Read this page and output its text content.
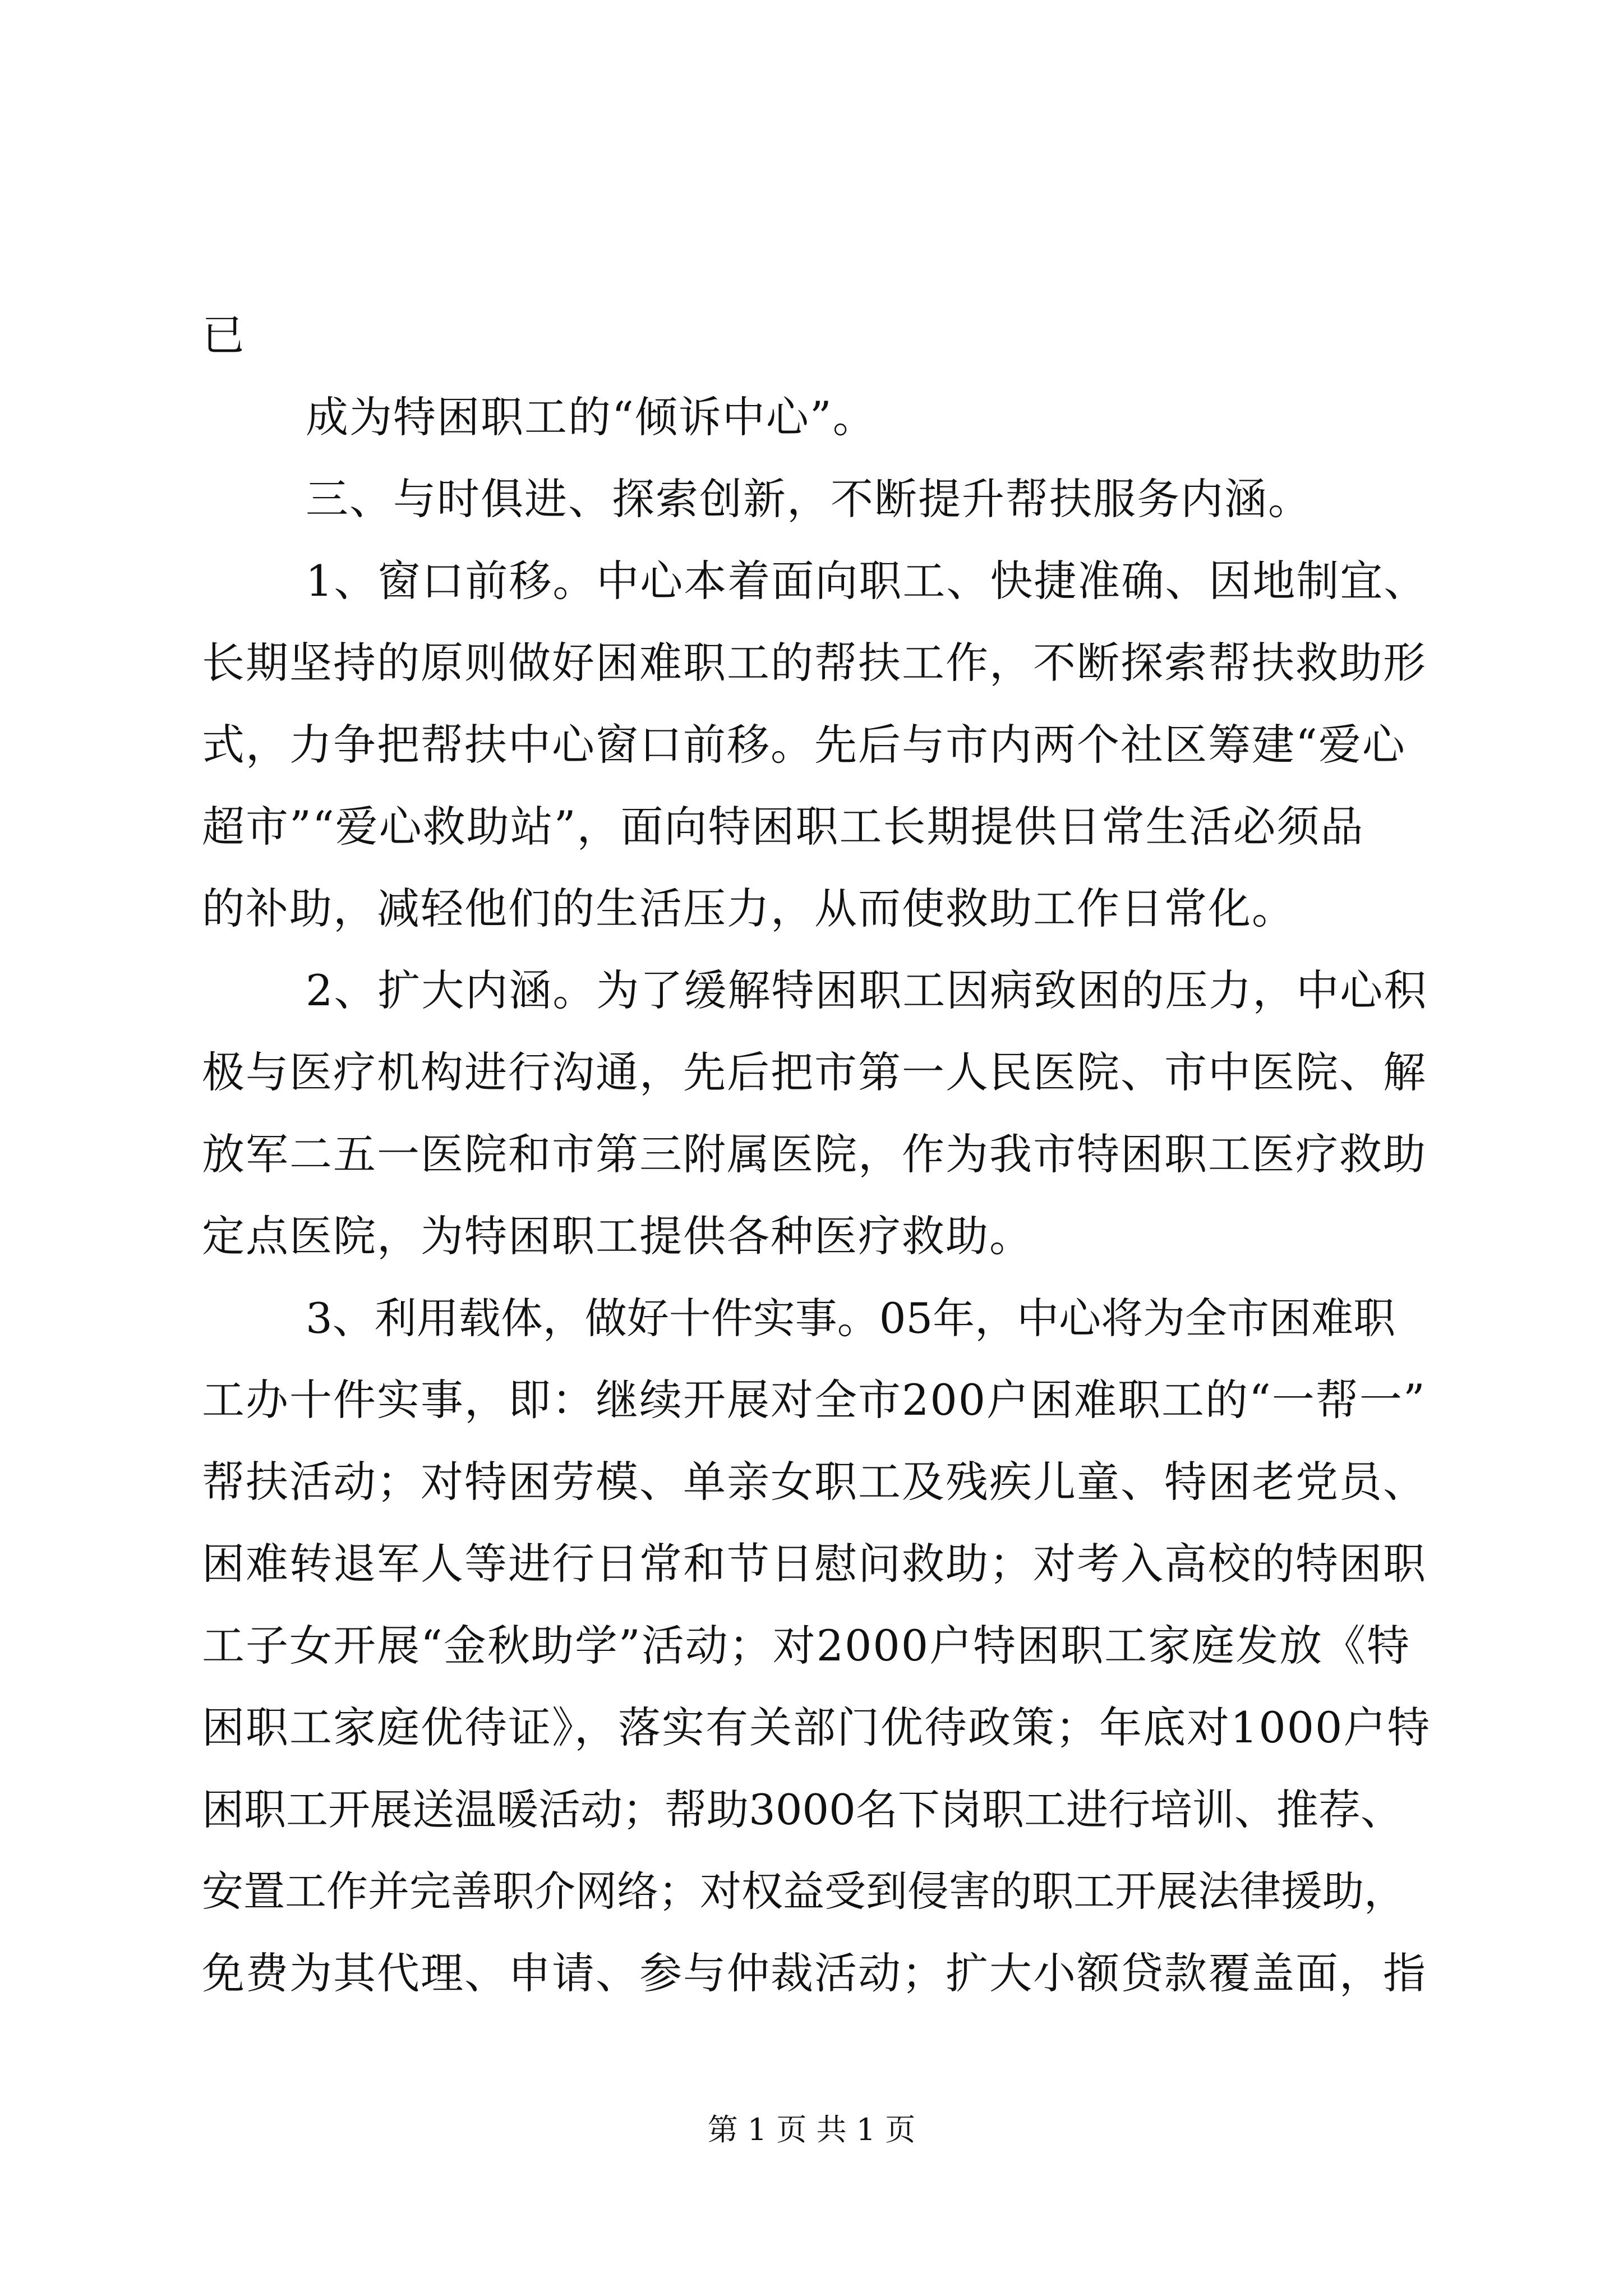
已
成为特困职工的“倾诉中心”。
三、与时俱进、探索创新，不断提升帮扶服务内涵。
1、窗口前移。中心本着面向职工、快捷准确、因地制宜、
长期坚持的原则做好困难职工的帮扶工作，不断探索帮扶救助形
式，力争把帮扶中心窗口前移。先后与市内两个社区筹建“爱心
超市”“爱心救助站”，面向特困职工长期提供日常生活必须品
的补助，减轻他们的生活压力，从而使救助工作日常化。
2、扩大内涵。为了缓解特困职工因病致困的压力，中心积
极与医疗机构进行沟通，先后把市第一人民医院、市中医院、解
放军二五一医院和市第三附属医院，作为我市特困职工医疗救助
定点医院，为特困职工提供各种医疗救助。
3、利用载体，做好十件实事。05年，中心将为全市困难职
工办十件实事，即：继续开展对全市200户困难职工的“一帮一”
帮扶活动；对特困劳模、单亲女职工及残疾儿童、特困老党员、
困难转退军人等进行日常和节日慰问救助；对考入高校的特困职
工子女开展“金秋助学”活动；对2000户特困职工家庭发放《特
困职工家庭优待证》，落实有关部门优待政策；年底对1000户特
困职工开展送温暖活动；帮助3000名下岗职工进行培训、推荐、
安置工作并完善职介网络；对权益受到侵害的职工开展法律援助，
免费为其代理、申请、参与仲裁活动；扩大小额贷款覆盖面，指
第 1 页 共 1 页
